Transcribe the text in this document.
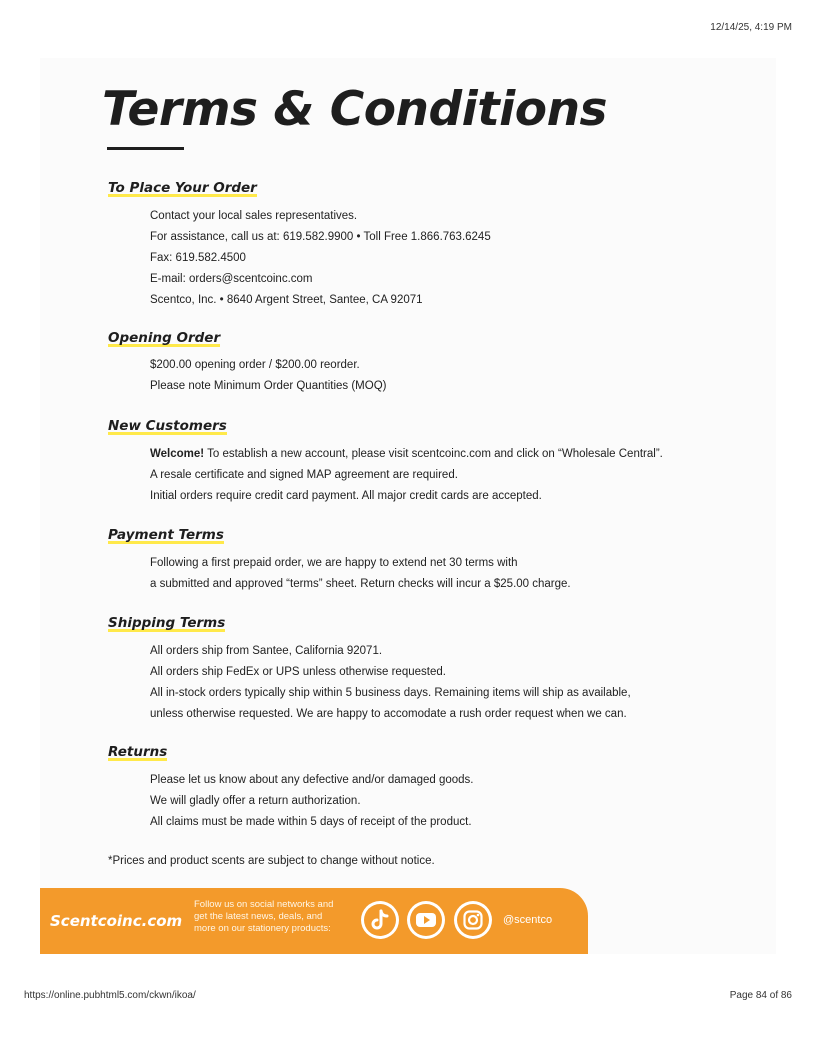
12/14/25, 4:19 PM
Terms & Conditions
To Place Your Order
Contact your local sales representatives.
For assistance, call us at: 619.582.9900 • Toll Free 1.866.763.6245
Fax: 619.582.4500
E-mail: orders@scentcoinc.com
Scentco, Inc. • 8640 Argent Street, Santee, CA 92071
Opening Order
$200.00 opening order / $200.00 reorder.
Please note Minimum Order Quantities (MOQ)
New Customers
Welcome! To establish a new account, please visit scentcoinc.com and click on “Wholesale Central”.
A resale certificate and signed MAP agreement are required.
Initial orders require credit card payment. All major credit cards are accepted.
Payment Terms
Following a first prepaid order, we are happy to extend net 30 terms with
a submitted and approved “terms” sheet. Return checks will incur a $25.00 charge.
Shipping Terms
All orders ship from Santee, California 92071.
All orders ship FedEx or UPS unless otherwise requested.
All in-stock orders typically ship within 5 business days. Remaining items will ship as available,
unless otherwise requested. We are happy to accomodate a rush order request when we can.
Returns
Please let us know about any defective and/or damaged goods.
We will gladly offer a return authorization.
All claims must be made within 5 days of receipt of the product.
*Prices and product scents are subject to change without notice.
Scentcoinc.com
Follow us on social networks and
get the latest news, deals, and
more on our stationery products:
@scentco
https://online.pubhtml5.com/ckwn/ikoa/	Page 84 of 86
